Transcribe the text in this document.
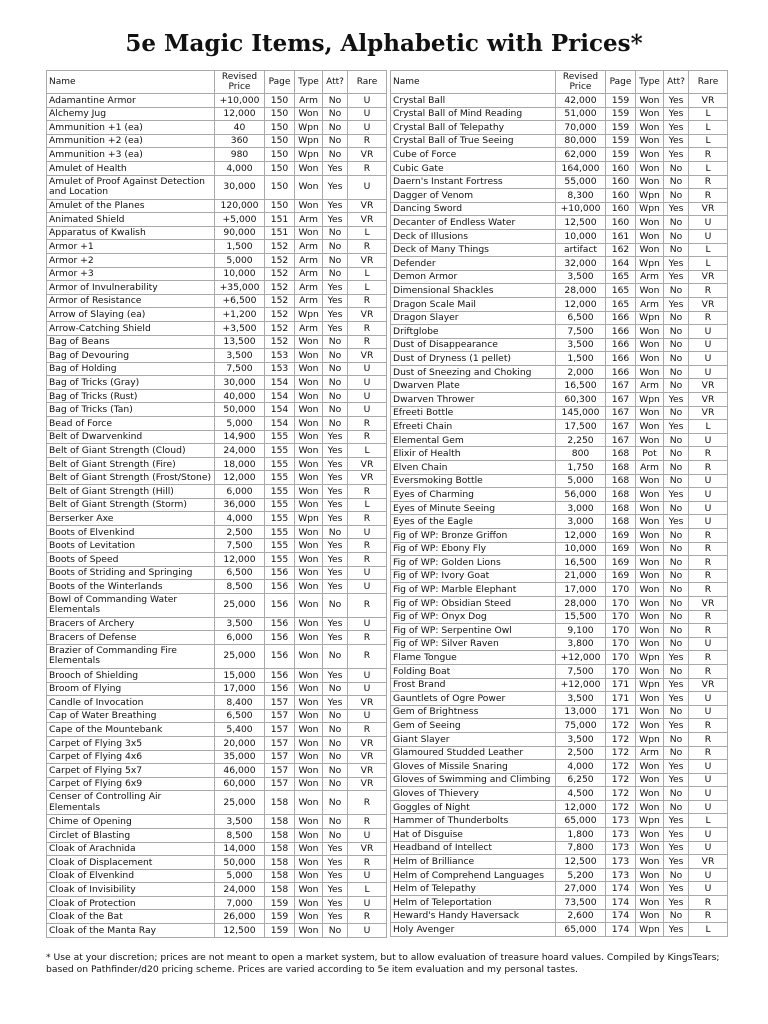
5e Magic Items, Alphabetic with Prices*
Name	Revised Price	Page	Type	Att?	Rare
Adamantine Armor	+10,000	150	Arm	No	U
Alchemy Jug	12,000	150	Won	No	U
Ammunition +1 (ea)	40	150	Wpn	No	U
Ammunition +2 (ea)	360	150	Wpn	No	R
Ammunition +3 (ea)	980	150	Wpn	No	VR
Amulet of Health	4,000	150	Won	Yes	R
Amulet of Proof Against Detection and Location	30,000	150	Won	Yes	U
Amulet of the Planes	120,000	150	Won	Yes	VR
Animated Shield	+5,000	151	Arm	Yes	VR
Apparatus of Kwalish	90,000	151	Won	No	L
Armor +1	1,500	152	Arm	No	R
Armor +2	5,000	152	Arm	No	VR
Armor +3	10,000	152	Arm	No	L
Armor of Invulnerability	+35,000	152	Arm	Yes	L
Armor of Resistance	+6,500	152	Arm	Yes	R
Arrow of Slaying (ea)	+1,200	152	Wpn	Yes	VR
Arrow-Catching Shield	+3,500	152	Arm	Yes	R
Bag of Beans	13,500	152	Won	No	R
Bag of Devouring	3,500	153	Won	No	VR
Bag of Holding	7,500	153	Won	No	U
Bag of Tricks (Gray)	30,000	154	Won	No	U
Bag of Tricks (Rust)	40,000	154	Won	No	U
Bag of Tricks (Tan)	50,000	154	Won	No	U
Bead of Force	5,000	154	Won	No	R
Belt of Dwarvenkind	14,900	155	Won	Yes	R
Belt of Giant Strength (Cloud)	24,000	155	Won	Yes	L
Belt of Giant Strength (Fire)	18,000	155	Won	Yes	VR
Belt of Giant Strength (Frost/Stone)	12,000	155	Won	Yes	VR
Belt of Giant Strength (Hill)	6,000	155	Won	Yes	R
Belt of Giant Strength (Storm)	36,000	155	Won	Yes	L
Berserker Axe	4,000	155	Wpn	Yes	R
Boots of Elvenkind	2,500	155	Won	No	U
Boots of Levitation	7,500	155	Won	Yes	R
Boots of Speed	12,000	155	Won	Yes	R
Boots of Striding and Springing	6,500	156	Won	Yes	U
Boots of the Winterlands	8,500	156	Won	Yes	U
Bowl of Commanding Water Elementals	25,000	156	Won	No	R
Bracers of Archery	3,500	156	Won	Yes	U
Bracers of Defense	6,000	156	Won	Yes	R
Brazier of Commanding Fire Elementals	25,000	156	Won	No	R
Brooch of Shielding	15,000	156	Won	Yes	U
Broom of Flying	17,000	156	Won	No	U
Candle of Invocation	8,400	157	Won	Yes	VR
Cap of Water Breathing	6,500	157	Won	No	U
Cape of the Mountebank	5,400	157	Won	No	R
Carpet of Flying 3x5	20,000	157	Won	No	VR
Carpet of Flying 4x6	35,000	157	Won	No	VR
Carpet of Flying 5x7	46,000	157	Won	No	VR
Carpet of Flying 6x9	60,000	157	Won	No	VR
Censer of Controlling Air Elementals	25,000	158	Won	No	R
Chime of Opening	3,500	158	Won	No	R
Circlet of Blasting	8,500	158	Won	No	U
Cloak of Arachnida	14,000	158	Won	Yes	VR
Cloak of Displacement	50,000	158	Won	Yes	R
Cloak of Elvenkind	5,000	158	Won	Yes	U
Cloak of Invisibility	24,000	158	Won	Yes	L
Cloak of Protection	7,000	159	Won	Yes	U
Cloak of the Bat	26,000	159	Won	Yes	R
Cloak of the Manta Ray	12,500	159	Won	No	U
Name	Revised Price	Page	Type	Att?	Rare
Crystal Ball	42,000	159	Won	Yes	VR
Crystal Ball of Mind Reading	51,000	159	Won	Yes	L
Crystal Ball of Telepathy	70,000	159	Won	Yes	L
Crystal Ball of True Seeing	80,000	159	Won	Yes	L
Cube of Force	62,000	159	Won	Yes	R
Cubic Gate	164,000	160	Won	No	L
Daern's Instant Fortress	55,000	160	Won	No	R
Dagger of Venom	8,300	160	Wpn	No	R
Dancing Sword	+10,000	160	Wpn	Yes	VR
Decanter of Endless Water	12,500	160	Won	No	U
Deck of Illusions	10,000	161	Won	No	U
Deck of Many Things	artifact	162	Won	No	L
Defender	32,000	164	Wpn	Yes	L
Demon Armor	3,500	165	Arm	Yes	VR
Dimensional Shackles	28,000	165	Won	No	R
Dragon Scale Mail	12,000	165	Arm	Yes	VR
Dragon Slayer	6,500	166	Wpn	No	R
Driftglobe	7,500	166	Won	No	U
Dust of Disappearance	3,500	166	Won	No	U
Dust of Dryness (1 pellet)	1,500	166	Won	No	U
Dust of Sneezing and Choking	2,000	166	Won	No	U
Dwarven Plate	16,500	167	Arm	No	VR
Dwarven Thrower	60,300	167	Wpn	Yes	VR
Efreeti Bottle	145,000	167	Won	No	VR
Efreeti Chain	17,500	167	Won	Yes	L
Elemental Gem	2,250	167	Won	No	U
Elixir of Health	800	168	Pot	No	R
Elven Chain	1,750	168	Arm	No	R
Eversmoking Bottle	5,000	168	Won	No	U
Eyes of Charming	56,000	168	Won	Yes	U
Eyes of Minute Seeing	3,000	168	Won	No	U
Eyes of the Eagle	3,000	168	Won	Yes	U
Fig of WP: Bronze Griffon	12,000	169	Won	No	R
Fig of WP: Ebony Fly	10,000	169	Won	No	R
Fig of WP: Golden Lions	16,500	169	Won	No	R
Fig of WP: Ivory Goat	21,000	169	Won	No	R
Fig of WP: Marble Elephant	17,000	170	Won	No	R
Fig of WP: Obsidian Steed	28,000	170	Won	No	VR
Fig of WP: Onyx Dog	15,500	170	Won	No	R
Fig of WP: Serpentine Owl	9,100	170	Won	No	R
Fig of WP: Silver Raven	3,800	170	Won	No	U
Flame Tongue	+12,000	170	Wpn	Yes	R
Folding Boat	7,500	170	Won	No	R
Frost Brand	+12,000	171	Wpn	Yes	VR
Gauntlets of Ogre Power	3,500	171	Won	Yes	U
Gem of Brightness	13,000	171	Won	No	U
Gem of Seeing	75,000	172	Won	Yes	R
Giant Slayer	3,500	172	Wpn	No	R
Glamoured Studded Leather	2,500	172	Arm	No	R
Gloves of Missile Snaring	4,000	172	Won	Yes	U
Gloves of Swimming and Climbing	6,250	172	Won	Yes	U
Gloves of Thievery	4,500	172	Won	No	U
Goggles of Night	12,000	172	Won	No	U
Hammer of Thunderbolts	65,000	173	Wpn	Yes	L
Hat of Disguise	1,800	173	Won	Yes	U
Headband of Intellect	7,800	173	Won	Yes	U
Helm of Brilliance	12,500	173	Won	Yes	VR
Helm of Comprehend Languages	5,200	173	Won	No	U
Helm of Telepathy	27,000	174	Won	Yes	U
Helm of Teleportation	73,500	174	Won	Yes	R
Heward's Handy Haversack	2,600	174	Won	No	R
Holy Avenger	65,000	174	Wpn	Yes	L
* Use at your discretion; prices are not meant to open a market system, but to allow evaluation of treasure hoard values. Compiled by KingsTears; based on Pathfinder/d20 pricing scheme. Prices are varied according to 5e item evaluation and my personal tastes.
